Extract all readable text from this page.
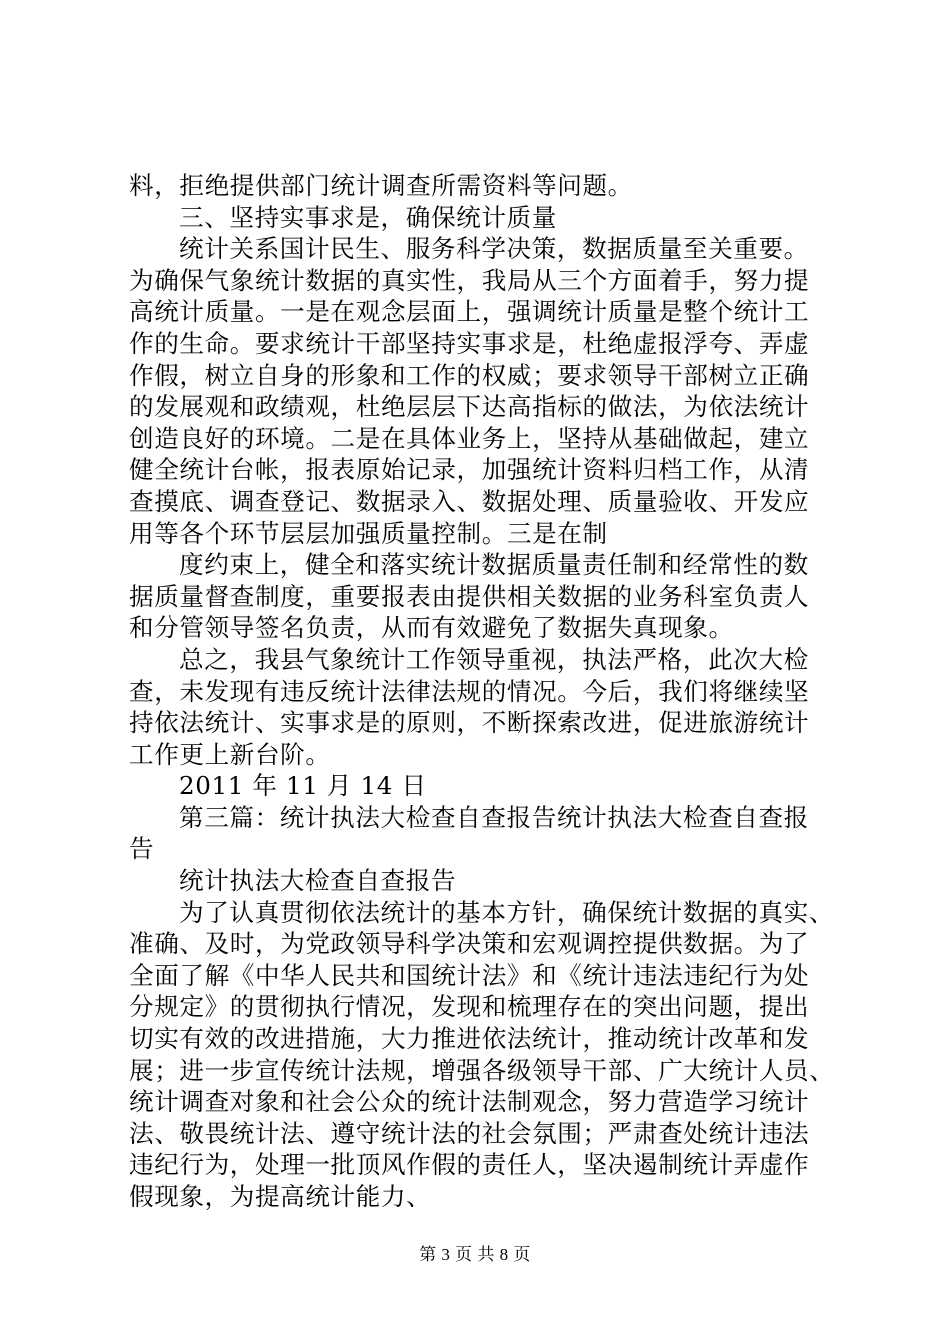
料，拒绝提供部门统计调查所需资料等问题。
三、坚持实事求是，确保统计质量
统计关系国计民生、服务科学决策，数据质量至关重要。
为确保气象统计数据的真实性，我局从三个方面着手，努力提
高统计质量。一是在观念层面上，强调统计质量是整个统计工
作的生命。要求统计干部坚持实事求是，杜绝虚报浮夸、弄虚
作假，树立自身的形象和工作的权威；要求领导干部树立正确
的发展观和政绩观，杜绝层层下达高指标的做法，为依法统计
创造良好的环境。二是在具体业务上，坚持从基础做起，建立
健全统计台帐，报表原始记录，加强统计资料归档工作，从清
查摸底、调查登记、数据录入、数据处理、质量验收、开发应
用等各个环节层层加强质量控制。三是在制
度约束上，健全和落实统计数据质量责任制和经常性的数
据质量督查制度，重要报表由提供相关数据的业务科室负责人
和分管领导签名负责，从而有效避免了数据失真现象。
总之，我县气象统计工作领导重视，执法严格，此次大检
查，未发现有违反统计法律法规的情况。今后，我们将继续坚
持依法统计、实事求是的原则，不断探索改进，促进旅游统计
工作更上新台阶。
2011 年 11 月 14 日
第三篇：统计执法大检查自查报告统计执法大检查自查报
告
统计执法大检查自查报告
为了认真贯彻依法统计的基本方针，确保统计数据的真实、
准确、及时，为党政领导科学决策和宏观调控提供数据。为了
全面了解《中华人民共和国统计法》和《统计违法违纪行为处
分规定》的贯彻执行情况，发现和梳理存在的突出问题，提出
切实有效的改进措施，大力推进依法统计，推动统计改革和发
展；进一步宣传统计法规，增强各级领导干部、广大统计人员、
统计调查对象和社会公众的统计法制观念，努力营造学习统计
法、敬畏统计法、遵守统计法的社会氛围；严肃查处统计违法
违纪行为，处理一批顶风作假的责任人，坚决遏制统计弄虚作
假现象，为提高统计能力、
第 3 页 共 8 页
